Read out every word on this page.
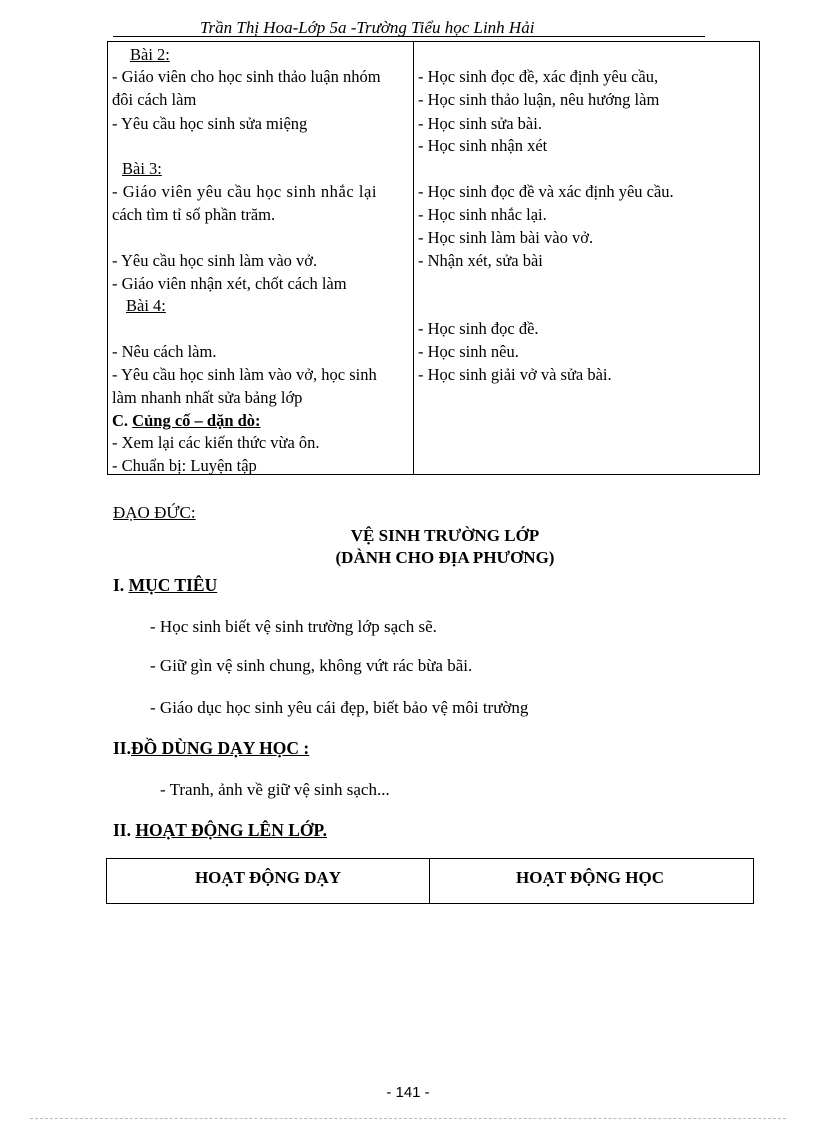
Trần Thị Hoa-Lớp 5a -Trường Tiểu học Linh Hải
Bài 2:
- Giáo viên cho học sinh thảo luận nhóm
đôi cách làm
- Yêu cầu học sinh sửa miệng
Bài 3:
- Giáo viên yêu cầu học sinh nhắc lại
cách tìm tỉ số phần trăm.
- Yêu cầu học sinh làm vào vở.
- Giáo viên nhận xét, chốt cách làm
Bài 4:
- Nêu cách làm.
- Yêu cầu học sinh làm vào vở, học sinh
làm nhanh nhất sửa bảng lớp
C. Củng cố – dặn dò:
- Xem lại các kiến thức vừa ôn.
- Chuẩn bị: Luyện tập
- Học sinh đọc đề, xác định yêu cầu,
- Học sinh thảo luận, nêu hướng làm
- Học sinh sửa bài.
- Học sinh nhận xét
- Học sinh đọc đề và xác định yêu cầu.
- Học sinh nhắc lại.
- Học sinh làm bài vào vở.
- Nhận xét, sửa bài
- Học sinh đọc đề.
- Học sinh nêu.
- Học sinh giải vở và sửa bài.
ĐẠO ĐỨC:
VỆ SINH TRƯỜNG LỚP
(DÀNH CHO ĐỊA PHƯƠNG)
I. MỤC TIÊU
- Học sinh biết vệ sinh trường lớp sạch sẽ.
- Giữ gìn vệ sinh chung, không vứt rác bừa bãi.
- Giáo dục học sinh yêu cái đẹp, biết bảo vệ môi trường
II.ĐỒ DÙNG DẠY HỌC :
- Tranh, ảnh về giữ vệ sinh sạch...
II. HOẠT ĐỘNG LÊN LỚP.
HOẠT ĐỘNG DẠY	HOẠT ĐỘNG HỌC
- 141 -
